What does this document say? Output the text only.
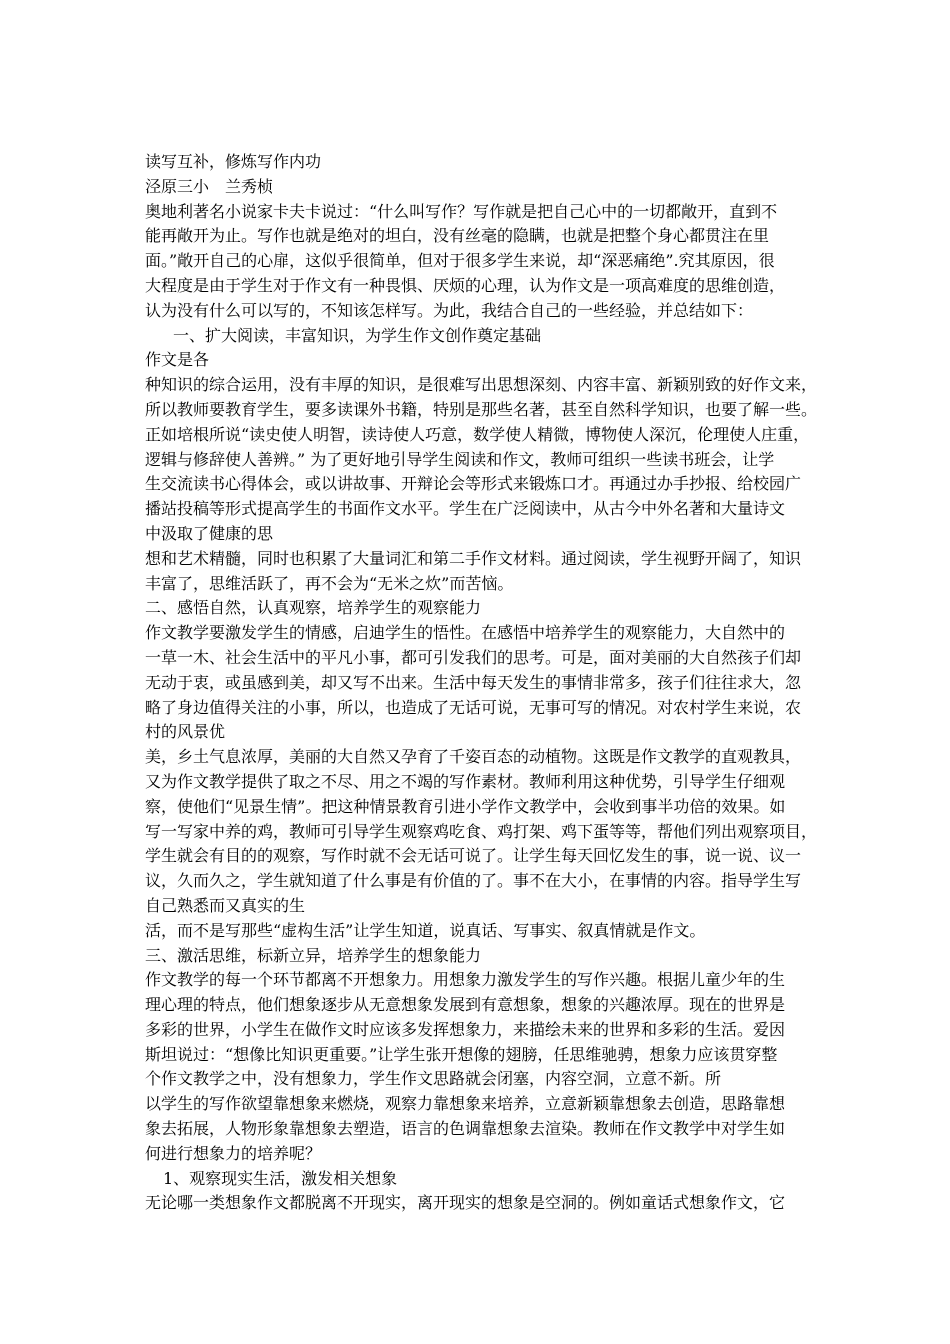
读写互补，修炼写作内功
泾原三小　兰秀桢
奥地利著名小说家卡夫卡说过：“什么叫写作？写作就是把自己心中的一切都敞开，直到不
能再敞开为止。写作也就是绝对的坦白，没有丝毫的隐瞒，也就是把整个身心都贯注在里
面。”敞开自己的心扉，这似乎很简单，但对于很多学生来说，却“深恶痛绝”.究其原因，很
大程度是由于学生对于作文有一种畏惧、厌烦的心理，认为作文是一项高难度的思维创造，
认为没有什么可以写的，不知该怎样写。为此，我结合自己的一些经验，并总结如下：
一、扩大阅读，丰富知识，为学生作文创作奠定基础
作文是各
种知识的综合运用，没有丰厚的知识，是很难写出思想深刻、内容丰富、新颖别致的好作文来，
所以教师要教育学生，要多读课外书籍，特别是那些名著，甚至自然科学知识，也要了解一些。
正如培根所说“读史使人明智，读诗使人巧意，数学使人精微，博物使人深沉，伦理使人庄重，
逻辑与修辞使人善辨。” 为了更好地引导学生阅读和作文，教师可组织一些读书班会，让学
生交流读书心得体会，或以讲故事、开辩论会等形式来锻炼口才。再通过办手抄报、给校园广
播站投稿等形式提高学生的书面作文水平。学生在广泛阅读中，从古今中外名著和大量诗文
中汲取了健康的思
想和艺术精髓，同时也积累了大量词汇和第二手作文材料。通过阅读，学生视野开阔了，知识
丰富了，思维活跃了，再不会为“无米之炊”而苦恼。
二、感悟自然，认真观察，培养学生的观察能力
作文教学要激发学生的情感，启迪学生的悟性。在感悟中培养学生的观察能力，大自然中的
一草一木、社会生活中的平凡小事，都可引发我们的思考。可是，面对美丽的大自然孩子们却
无动于衷，或虽感到美，却又写不出来。生活中每天发生的事情非常多，孩子们往往求大，忽
略了身边值得关注的小事，所以，也造成了无话可说，无事可写的情况。对农村学生来说，农
村的风景优
美，乡土气息浓厚，美丽的大自然又孕育了千姿百态的动植物。这既是作文教学的直观教具，
又为作文教学提供了取之不尽、用之不竭的写作素材。教师利用这种优势，引导学生仔细观
察，使他们“见景生情”。把这种情景教育引进小学作文教学中，会收到事半功倍的效果。如
写一写家中养的鸡，教师可引导学生观察鸡吃食、鸡打架、鸡下蛋等等，帮他们列出观察项目，
学生就会有目的的观察，写作时就不会无话可说了。让学生每天回忆发生的事，说一说、议一
议，久而久之，学生就知道了什么事是有价值的了。事不在大小，在事情的内容。指导学生写
自己熟悉而又真实的生
活，而不是写那些“虚构生活”让学生知道，说真话、写事实、叙真情就是作文。
三、激活思维，标新立异，培养学生的想象能力
作文教学的每一个环节都离不开想象力。用想象力激发学生的写作兴趣。根据儿童少年的生
理心理的特点，他们想象逐步从无意想象发展到有意想象，想象的兴趣浓厚。现在的世界是
多彩的世界，小学生在做作文时应该多发挥想象力，来描绘未来的世界和多彩的生活。爱因
斯坦说过：“想像比知识更重要。”让学生张开想像的翅膀，任思维驰骋，想象力应该贯穿整
个作文教学之中，没有想象力，学生作文思路就会闭塞，内容空洞，立意不新。所
以学生的写作欲望靠想象来燃烧，观察力靠想象来培养，立意新颖靠想象去创造，思路靠想
象去拓展，人物形象靠想象去塑造，语言的色调靠想象去渲染。教师在作文教学中对学生如
何进行想象力的培养呢？
1、观察现实生活，激发相关想象
无论哪一类想象作文都脱离不开现实，离开现实的想象是空洞的。例如童话式想象作文，它
